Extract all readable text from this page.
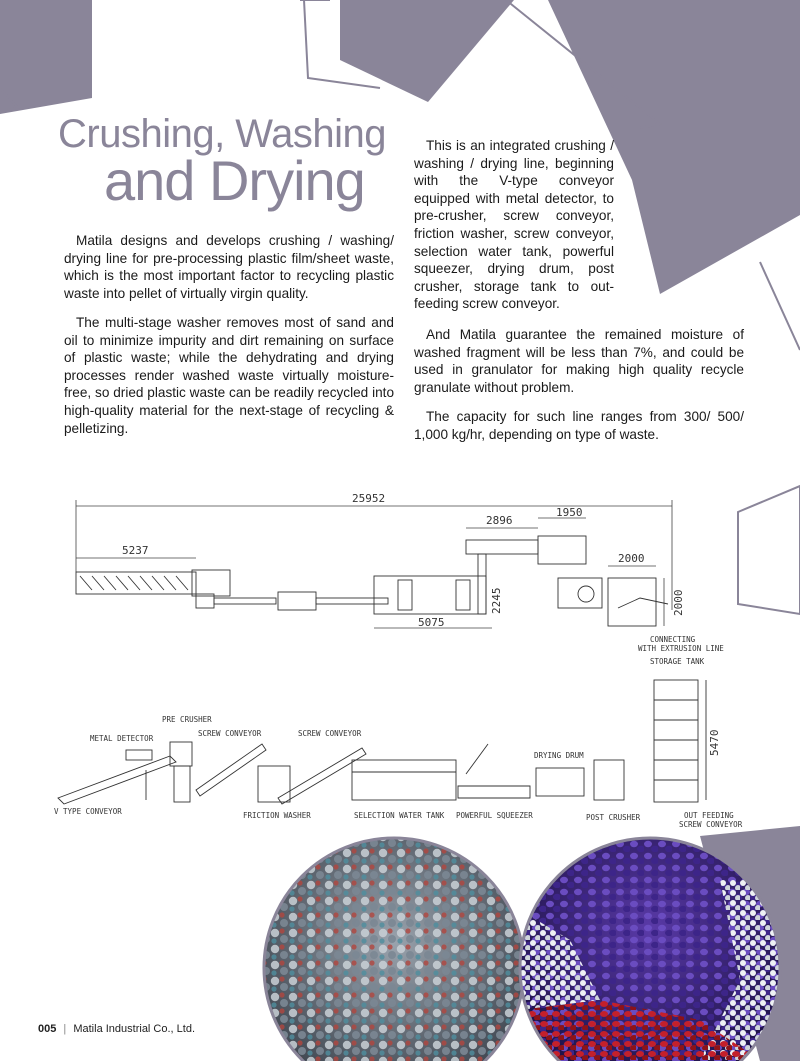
Crushing, Washing
and Drying

Matila designs and develops crushing / washing/ drying line for pre-processing plastic film/sheet waste, which is the most important factor to recycling plastic waste into pellet of virtually virgin quality.

The multi-stage washer removes most of sand and oil to minimize impurity and dirt remaining on surface of plastic waste; while the dehydrating and drying processes render washed waste virtually moisture-free, so dried plastic waste can be readily recycled into high-quality material for the next-stage of recycling & pelletizing.

This is an integrated crushing / washing / drying line, beginning with the V-type conveyor equipped with metal detector, to pre-crusher, screw conveyor, friction washer, screw conveyor, selection water tank, powerful squeezer, drying drum, post crusher, storage tank to out-feeding screw conveyor.

And Matila guarantee the remained moisture of washed fragment will be less than 7%, and could be used in granulator for making high quality recycle granulate without problem.

The capacity for such line ranges from 300/ 500/ 1,000 kg/hr, depending on type of waste.

25952
5237
2896
1950
5075
2245
2000
2000
CONNECTING
WITH EXTRUSION LINE
STORAGE TANK
5470
PRE CRUSHER
METAL DETECTOR
SCREW CONVEYOR	SCREW CONVEYOR
DRYING DRUM
V TYPE CONVEYOR	FRICTION WASHER	SELECTION WATER TANK POWERFUL SQUEEZER	POST CRUSHER	OUT FEEDING
SCREW CONVEYOR
005 | Matila Industrial Co., Ltd.
